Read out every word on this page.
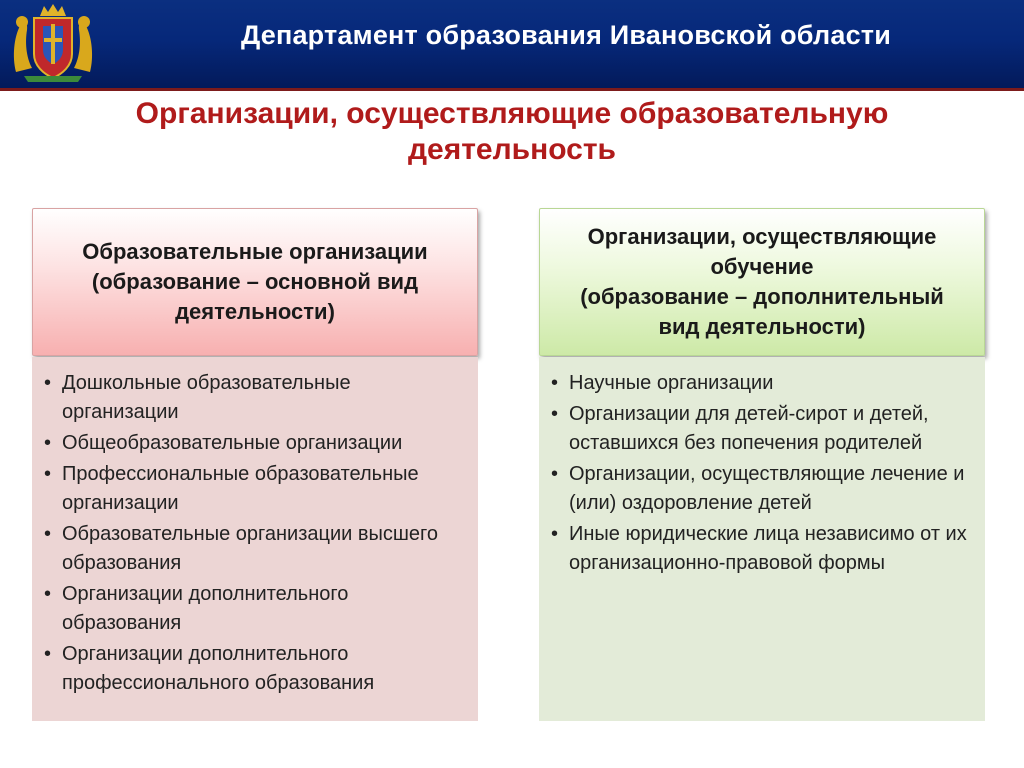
Департамент образования Ивановской области
Организации, осуществляющие образовательную
деятельность
Образовательные организации
(образование – основной вид
деятельности)
• Дошкольные образовательные организации
• Общеобразовательные организации
• Профессиональные образовательные организации
• Образовательные организации высшего образования
• Организации дополнительного образования
• Организации дополнительного профессионального образования
Организации, осуществляющие
обучение
(образование – дополнительный
вид деятельности)
• Научные организации
• Организации для детей-сирот и детей, оставшихся без попечения родителей
• Организации, осуществляющие лечение и (или) оздоровление детей
• Иные юридические лица независимо от их организационно-правовой формы
